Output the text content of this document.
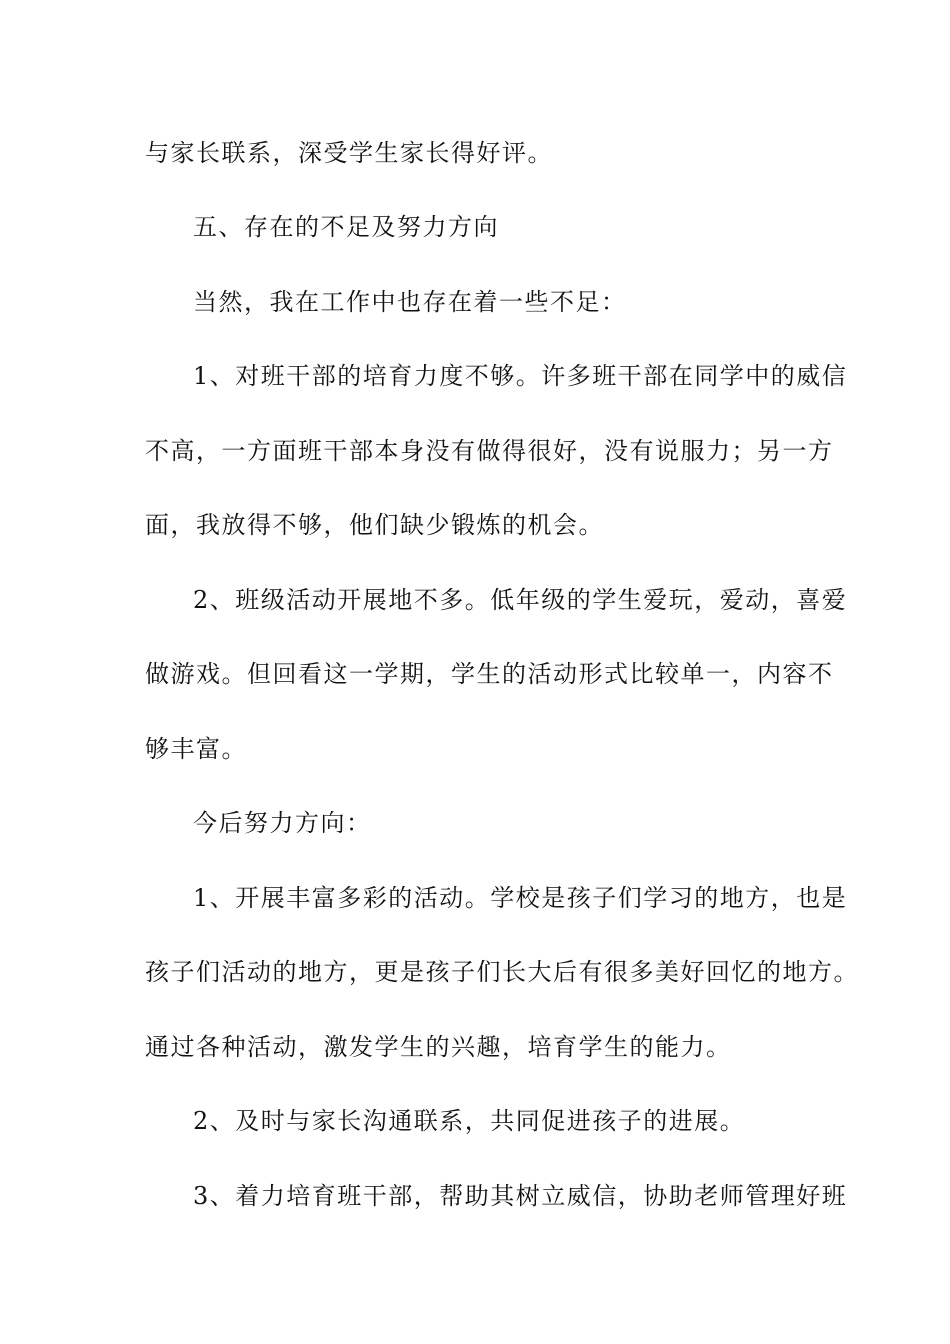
与家长联系，深受学生家长得好评。
五、存在的不足及努力方向
当然，我在工作中也存在着一些不足：
1、对班干部的培育力度不够。许多班干部在同学中的威信
不高，一方面班干部本身没有做得很好，没有说服力；另一方
面，我放得不够，他们缺少锻炼的机会。
2、班级活动开展地不多。低年级的学生爱玩，爱动，喜爱
做游戏。但回看这一学期，学生的活动形式比较单一，内容不
够丰富。
今后努力方向：
1、开展丰富多彩的活动。学校是孩子们学习的地方，也是
孩子们活动的地方，更是孩子们长大后有很多美好回忆的地方。
通过各种活动，激发学生的兴趣，培育学生的能力。
2、及时与家长沟通联系，共同促进孩子的进展。
3、着力培育班干部，帮助其树立威信，协助老师管理好班
